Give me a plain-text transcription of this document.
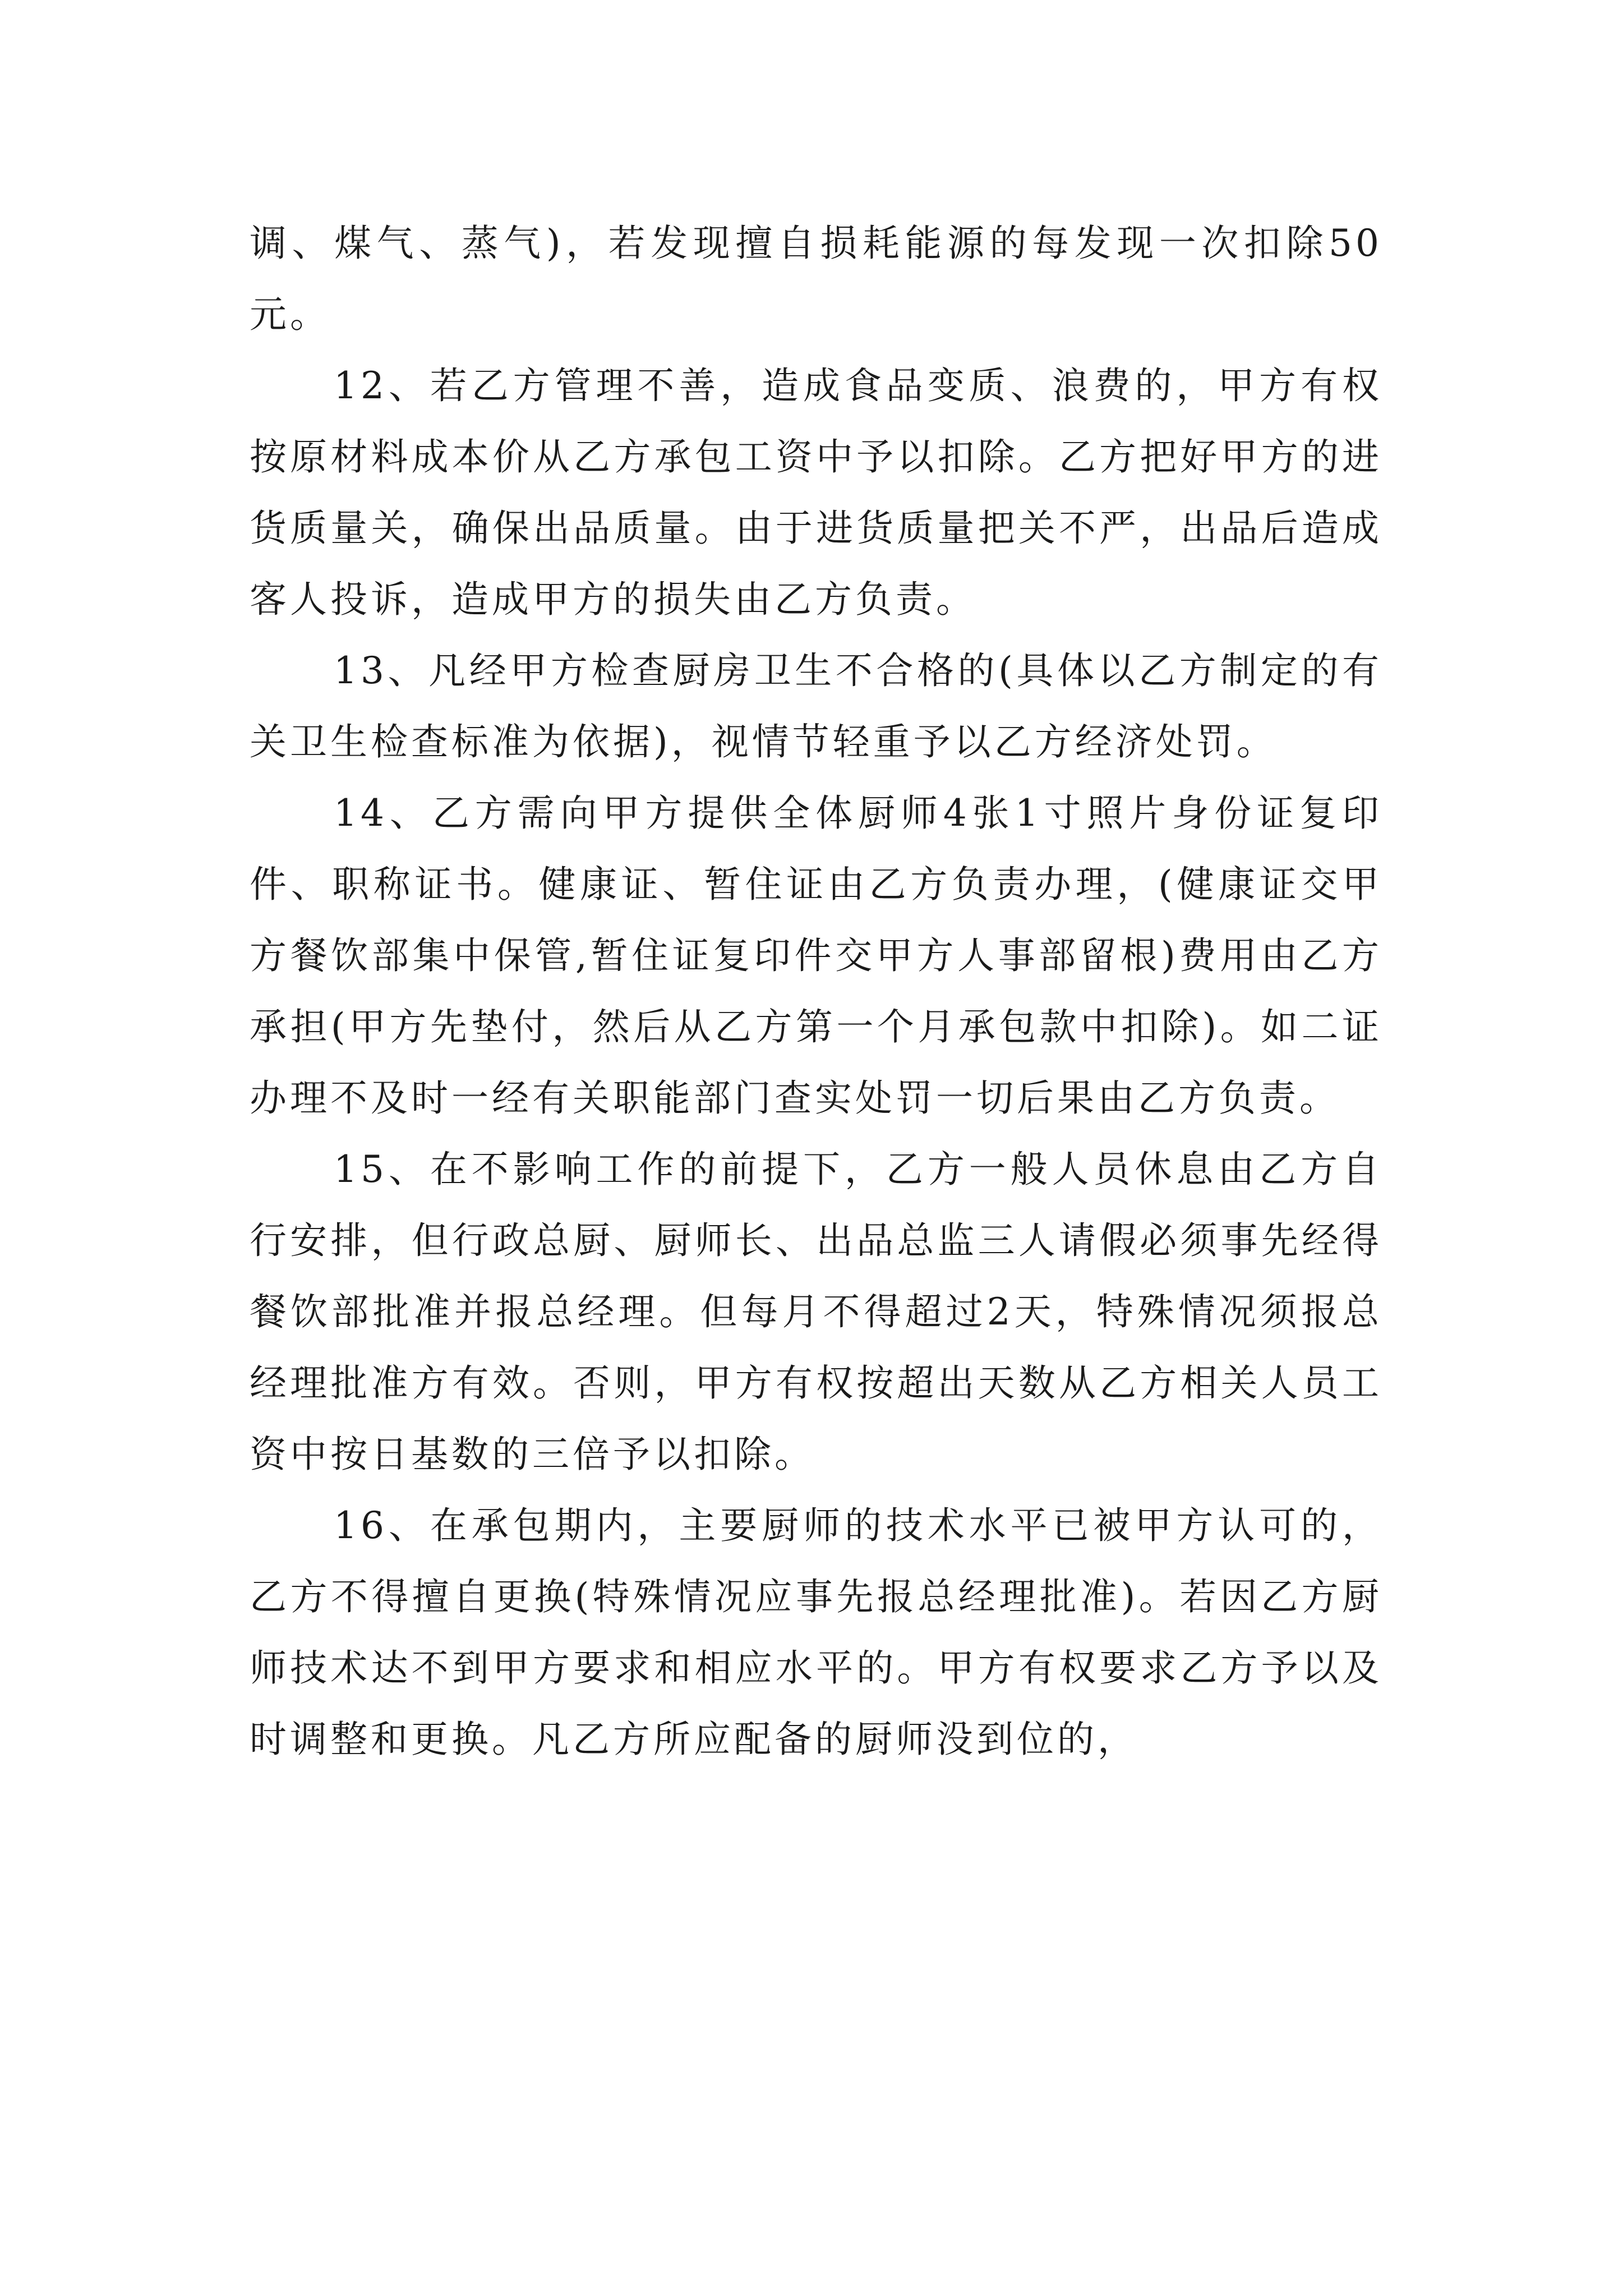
调、煤气、蒸气)，若发现擅自损耗能源的每发现一次扣除50元。

12、若乙方管理不善，造成食品变质、浪费的，甲方有权按原材料成本价从乙方承包工资中予以扣除。乙方把好甲方的进货质量关，确保出品质量。由于进货质量把关不严，出品后造成客人投诉，造成甲方的损失由乙方负责。

13、凡经甲方检查厨房卫生不合格的(具体以乙方制定的有关卫生检查标准为依据)，视情节轻重予以乙方经济处罚。

14、乙方需向甲方提供全体厨师4张1寸照片身份证复印件、职称证书。健康证、暂住证由乙方负责办理，(健康证交甲方餐饮部集中保管,暂住证复印件交甲方人事部留根)费用由乙方承担(甲方先垫付，然后从乙方第一个月承包款中扣除)。如二证办理不及时一经有关职能部门查实处罚一切后果由乙方负责。

15、在不影响工作的前提下，乙方一般人员休息由乙方自行安排，但行政总厨、厨师长、出品总监三人请假必须事先经得餐饮部批准并报总经理。但每月不得超过2天，特殊情况须报总经理批准方有效。否则，甲方有权按超出天数从乙方相关人员工资中按日基数的三倍予以扣除。

16、在承包期内，主要厨师的技术水平已被甲方认可的，乙方不得擅自更换(特殊情况应事先报总经理批准)。若因乙方厨师技术达不到甲方要求和相应水平的。甲方有权要求乙方予以及时调整和更换。凡乙方所应配备的厨师没到位的，
